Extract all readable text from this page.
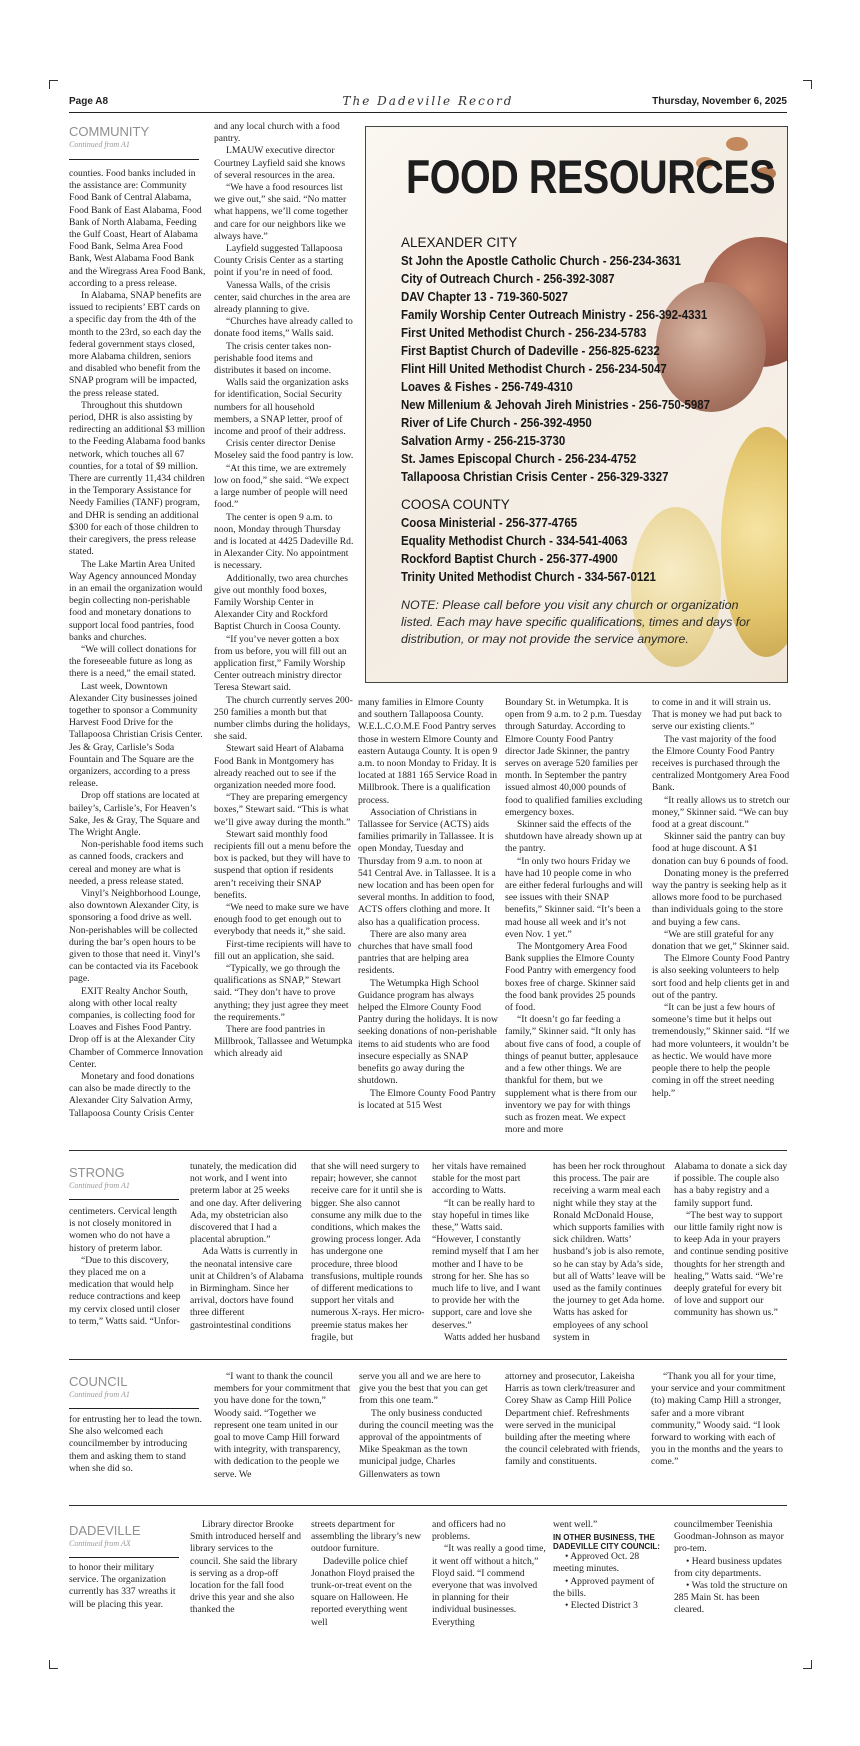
Page A8	The Dadeville Record	Thursday, November 6, 2025
COMMUNITY
Continued from A1

counties. Food banks included in the assistance are: Community Food Bank of Central Alabama, Food Bank of East Alabama, Food Bank of North Alabama, Feeding the Gulf Coast, Heart of Alabama Food Bank, Selma Area Food Bank, West Alabama Food Bank and the Wiregrass Area Food Bank, according to a press release.

In Alabama, SNAP benefits are issued to recipients’ EBT cards on a specific day from the 4th of the month to the 23rd, so each day the federal government stays closed, more Alabama children, seniors and disabled who benefit from the SNAP program will be impacted, the press release stated.

Throughout this shutdown period, DHR is also assisting by redirecting an additional $3 million to the Feeding Alabama food banks network, which touches all 67 counties, for a total of $9 million. There are currently 11,434 children in the Temporary Assistance for Needy Families (TANF) program, and DHR is sending an additional $300 for each of those children to their caregivers, the press release stated.

The Lake Martin Area United Way Agency announced Monday in an email the organization would begin collecting non-perishable food and monetary donations to support local food pantries, food banks and churches.

“We will collect donations for the foreseeable future as long as there is a need,” the email stated.

Last week, Downtown Alexander City businesses joined together to sponsor a Community Harvest Food Drive for the Tallapoosa Christian Crisis Center. Jes & Gray, Carlisle’s Soda Fountain and The Square are the organizers, according to a press release.

Drop off stations are located at bailey’s, Carlisle’s, For Heaven’s Sake, Jes & Gray, The Square and The Wright Angle.

Non-perishable food items such as canned foods, crackers and cereal and money are what is needed, a press release stated.

Vinyl’s Neighborhood Lounge, also downtown Alexander City, is sponsoring a food drive as well. Non-perishables will be collected during the bar’s open hours to be given to those that need it. Vinyl’s can be contacted via its Facebook page.

EXIT Realty Anchor South, along with other local realty companies, is collecting food for Loaves and Fishes Food Pantry. Drop off is at the Alexander City Chamber of Commerce Innovation Center.

Monetary and food donations can also be made directly to the Alexander City Salvation Army, Tallapoosa County Crisis Center

and any local church with a food pantry.

LMAUW executive director Courtney Layfield said she knows of several resources in the area.

“We have a food resources list we give out,” she said. “No matter what happens, we’ll come together and care for our neighbors like we always have.”

Layfield suggested Tallapoosa County Crisis Center as a starting point if you’re in need of food.

Vanessa Walls, of the crisis center, said churches in the area are already planning to give.

“Churches have already called to donate food items,” Walls said.

The crisis center takes non-perishable food items and distributes it based on income.

Walls said the organization asks for identification, Social Security numbers for all household members, a SNAP letter, proof of income and proof of their address.

Crisis center director Denise Moseley said the food pantry is low.

“At this time, we are extremely low on food,” she said. “We expect a large number of people will need food.”

The center is open 9 a.m. to noon, Monday through Thursday and is located at 4425 Dadeville Rd. in Alexander City. No appointment is necessary.

Additionally, two area churches give out monthly food boxes, Family Worship Center in Alexander City and Rockford Baptist Church in Coosa County.

“If you’ve never gotten a box from us before, you will fill out an application first,” Family Worship Center outreach ministry director Teresa Stewart said.

The church currently serves 200-250 families a month but that number climbs during the holidays, she said.

Stewart said Heart of Alabama Food Bank in Montgomery has already reached out to see if the organization needed more food.

“They are preparing emergency boxes,” Stewart said. “This is what we’ll give away during the month.”

Stewart said monthly food recipients fill out a menu before the box is packed, but they will have to suspend that option if residents aren’t receiving their SNAP benefits.

“We need to make sure we have enough food to get enough out to everybody that needs it,” she said.

First-time recipients will have to fill out an application, she said.

“Typically, we go through the qualifications as SNAP,” Stewart said. “They don’t have to prove anything; they just agree they meet the requirements.”

There are food pantries in Millbrook, Tallassee and Wetumpka which already aid

many families in Elmore County and southern Tallapoosa County. W.E.L.C.O.M.E Food Pantry serves those in western Elmore County and eastern Autauga County. It is open 9 a.m. to noon Monday to Friday. It is located at 1881 165 Service Road in Millbrook. There is a qualification process.

Association of Christians in Tallassee for Service (ACTS) aids families primarily in Tallassee. It is open Monday, Tuesday and Thursday from 9 a.m. to noon at 541 Central Ave. in Tallassee. It is a new location and has been open for several months. In addition to food, ACTS offers clothing and more. It also has a qualification process.

There are also many area churches that have small food pantries that are helping area residents.

The Wetumpka High School Guidance program has always helped the Elmore County Food Pantry during the holidays. It is now seeking donations of non-perishable items to aid students who are food insecure especially as SNAP benefits go away during the shutdown.

The Elmore County Food Pantry is located at 515 West

Boundary St. in Wetumpka. It is open from 9 a.m. to 2 p.m. Tuesday through Saturday. According to Elmore County Food Pantry director Jade Skinner, the pantry serves on average 520 families per month. In September the pantry issued almost 40,000 pounds of food to qualified families excluding emergency boxes.

Skinner said the effects of the shutdown have already shown up at the pantry.

“In only two hours Friday we have had 10 people come in who are either federal furloughs and will see issues with their SNAP benefits,” Skinner said. “It’s been a mad house all week and it’s not even Nov. 1 yet.”

The Montgomery Area Food Bank supplies the Elmore County Food Pantry with emergency food boxes free of charge. Skinner said the food bank provides 25 pounds of food.

“It doesn’t go far feeding a family,” Skinner said. “It only has about five cans of food, a couple of things of peanut butter, applesauce and a few other things. We are thankful for them, but we supplement what is there from our inventory we pay for with things such as frozen meat. We expect more and more

to come in and it will strain us. That is money we had put back to serve our existing clients.”

The vast majority of the food the Elmore County Food Pantry receives is purchased through the centralized Montgomery Area Food Bank.

“It really allows us to stretch our money,” Skinner said. “We can buy food at a great discount.”

Skinner said the pantry can buy food at huge discount. A $1 donation can buy 6 pounds of food.

Donating money is the preferred way the pantry is seeking help as it allows more food to be purchased than individuals going to the store and buying a few cans.

“We are still grateful for any donation that we get,” Skinner said.

The Elmore County Food Pantry is also seeking volunteers to help sort food and help clients get in and out of the pantry.

“It can be just a few hours of someone’s time but it helps out tremendously,” Skinner said. “If we had more volunteers, it wouldn’t be as hectic. We would have more people there to help the people coming in off the street needing help.”

FOOD RESOURCES
ALEXANDER CITY
St John the Apostle Catholic Church - 256-234-3631
City of Outreach Church - 256-392-3087
DAV Chapter 13 - 719-360-5027
Family Worship Center Outreach Ministry - 256-392-4331
First United Methodist Church - 256-234-5783
First Baptist Church of Dadeville - 256-825-6232
Flint Hill United Methodist Church - 256-234-5047
Loaves & Fishes - 256-749-4310
New Millenium & Jehovah Jireh Ministries - 256-750-5987
River of Life Church - 256-392-4950
Salvation Army - 256-215-3730
St. James Episcopal Church - 256-234-4752
Tallapoosa Christian Crisis Center - 256-329-3327
COOSA COUNTY
Coosa Ministerial - 256-377-4765
Equality Methodist Church - 334-541-4063
Rockford Baptist Church - 256-377-4900
Trinity United Methodist Church - 334-567-0121
NOTE: Please call before you visit any church or organization listed. Each may have specific qualifications, times and days for distribution, or may not provide the service anymore.
STRONG
Continued from A1

centimeters. Cervical length is not closely monitored in women who do not have a history of preterm labor.

“Due to this discovery, they placed me on a medication that would help reduce contractions and keep my cervix closed until closer to term,” Watts said. “Unfor-

tunately, the medication did not work, and I went into preterm labor at 25 weeks and one day. After delivering Ada, my obstetrician also discovered that I had a placental abruption.”

Ada Watts is currently in the neonatal intensive care unit at Children’s of Alabama in Birmingham. Since her arrival, doctors have found three different gastrointestinal conditions

that she will need surgery to repair; however, she cannot receive care for it until she is bigger. She also cannot consume any milk due to the conditions, which makes the growing process longer. Ada has undergone one procedure, three blood transfusions, multiple rounds of different medications to support her vitals and numerous X-rays. Her micro-preemie status makes her fragile, but

her vitals have remained stable for the most part according to Watts.

“It can be really hard to stay hopeful in times like these,” Watts said. “However, I constantly remind myself that I am her mother and I have to be strong for her. She has so much life to live, and I want to provide her with the support, care and love she deserves.”

Watts added her husband

has been her rock throughout this process. The pair are receiving a warm meal each night while they stay at the Ronald McDonald House, which supports families with sick children. Watts’ husband’s job is also remote, so he can stay by Ada’s side, but all of Watts’ leave will be used as the family continues the journey to get Ada home. Watts has asked for employees of any school system in

Alabama to donate a sick day if possible. The couple also has a baby registry and a family support fund.

“The best way to support our little family right now is to keep Ada in your prayers and continue sending positive thoughts for her strength and healing,” Watts said. “We’re deeply grateful for every bit of love and support our community has shown us.”

COUNCIL
Continued from A1

for entrusting her to lead the town. She also welcomed each councilmember by introducing them and asking them to stand when she did so.

“I want to thank the council members for your commitment that you have done for the town,” Woody said. “Together we represent one team united in our goal to move Camp Hill forward with integrity, with transparency, with dedication to the people we serve. We

serve you all and we are here to give you the best that you can get from this one team.”

The only business conducted during the council meeting was the approval of the appointments of Mike Speakman as the town municipal judge, Charles Gillenwaters as town

attorney and prosecutor, Lakeisha Harris as town clerk/treasurer and Corey Shaw as Camp Hill Police Department chief. Refreshments were served in the municipal building after the meeting where the council celebrated with friends, family and constituents.

“Thank you all for your time, your service and your commitment (to) making Camp Hill a stronger, safer and a more vibrant community,” Woody said. “I look forward to working with each of you in the months and the years to come.”

DADEVILLE
Continued from AX

to honor their military service. The organization currently has 337 wreaths it will be placing this year.

Library director Brooke Smith introduced herself and library services to the council. She said the library is serving as a drop-off location for the fall food drive this year and she also thanked the

streets department for assembling the library’s new outdoor furniture.

Dadeville police chief Jonathon Floyd praised the trunk-or-treat event on the square on Halloween. He reported everything went well

and officers had no problems.

“It was really a good time, it went off without a hitch,” Floyd said. “I commend everyone that was involved in planning for their individual businesses. Everything

went well.”

IN OTHER BUSINESS, THE DADEVILLE CITY COUNCIL:

• Approved Oct. 28 meeting minutes.

• Approved payment of the bills.

• Elected District 3

councilmember Teenishia Goodman-Johnson as mayor pro-tem.

• Heard business updates from city departments.

• Was told the structure on 285 Main St. has been cleared.
